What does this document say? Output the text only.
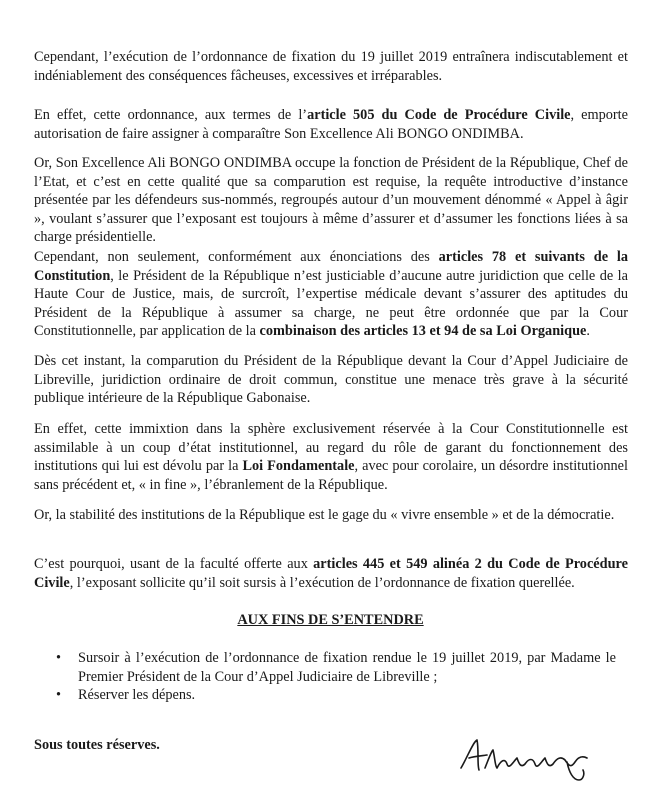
Cependant, l’exécution de l’ordonnance de fixation du 19 juillet 2019 entraînera indiscutablement et indéniablement des conséquences fâcheuses, excessives et irréparables.

En effet, cette ordonnance, aux termes de l’article 505 du Code de Procédure Civile, emporte autorisation de faire assigner à comparaître Son Excellence Ali BONGO ONDIMBA.

Or, Son Excellence Ali BONGO ONDIMBA occupe la fonction de Président de la République, Chef de l’Etat, et c’est en cette qualité que sa comparution est requise, la requête introductive d’instance présentée par les défendeurs sus-nommés, regroupés autour d’un mouvement dénommé « Appel à âgir », voulant s’assurer que l’exposant est toujours à même d’assurer et d’assumer les fonctions liées à sa charge présidentielle.

Cependant, non seulement, conformément aux énonciations des articles 78 et suivants de la Constitution, le Président de la République n’est justiciable d’aucune autre juridiction que celle de la Haute Cour de Justice, mais, de surcroît, l’expertise médicale devant s’assurer des aptitudes du Président de la République à assumer sa charge, ne peut être ordonnée que par la Cour Constitutionnelle, par application de la combinaison des articles 13 et 94 de sa Loi Organique.

Dès cet instant, la comparution du Président de la République devant la Cour d’Appel Judiciaire de Libreville, juridiction ordinaire de droit commun, constitue une menace très grave à la sécurité publique intérieure de la République Gabonaise.

En effet, cette immixtion dans la sphère exclusivement réservée à la Cour Constitutionnelle est assimilable à un coup d’état institutionnel, au regard du rôle de garant du fonctionnement des institutions qui lui est dévolu par la Loi Fondamentale, avec pour corolaire, un désordre institutionnel sans précédent et, « in fine », l’ébranlement de la République.

Or, la stabilité des institutions de la République est le gage du « vivre ensemble » et de la démocratie.

C’est pourquoi, usant de la faculté offerte aux articles 445 et 549 alinéa 2 du Code de Procédure Civile, l’exposant sollicite qu’il soit sursis à l’exécution de l’ordonnance de fixation querellée.

AUX FINS DE S’ENTENDRE

• Sursoir à l’exécution de l’ordonnance de fixation rendue le 19 juillet 2019, par Madame le Premier Président de la Cour d’Appel Judiciaire de Libreville ;
• Réserver les dépens.

Sous toutes réserves.
